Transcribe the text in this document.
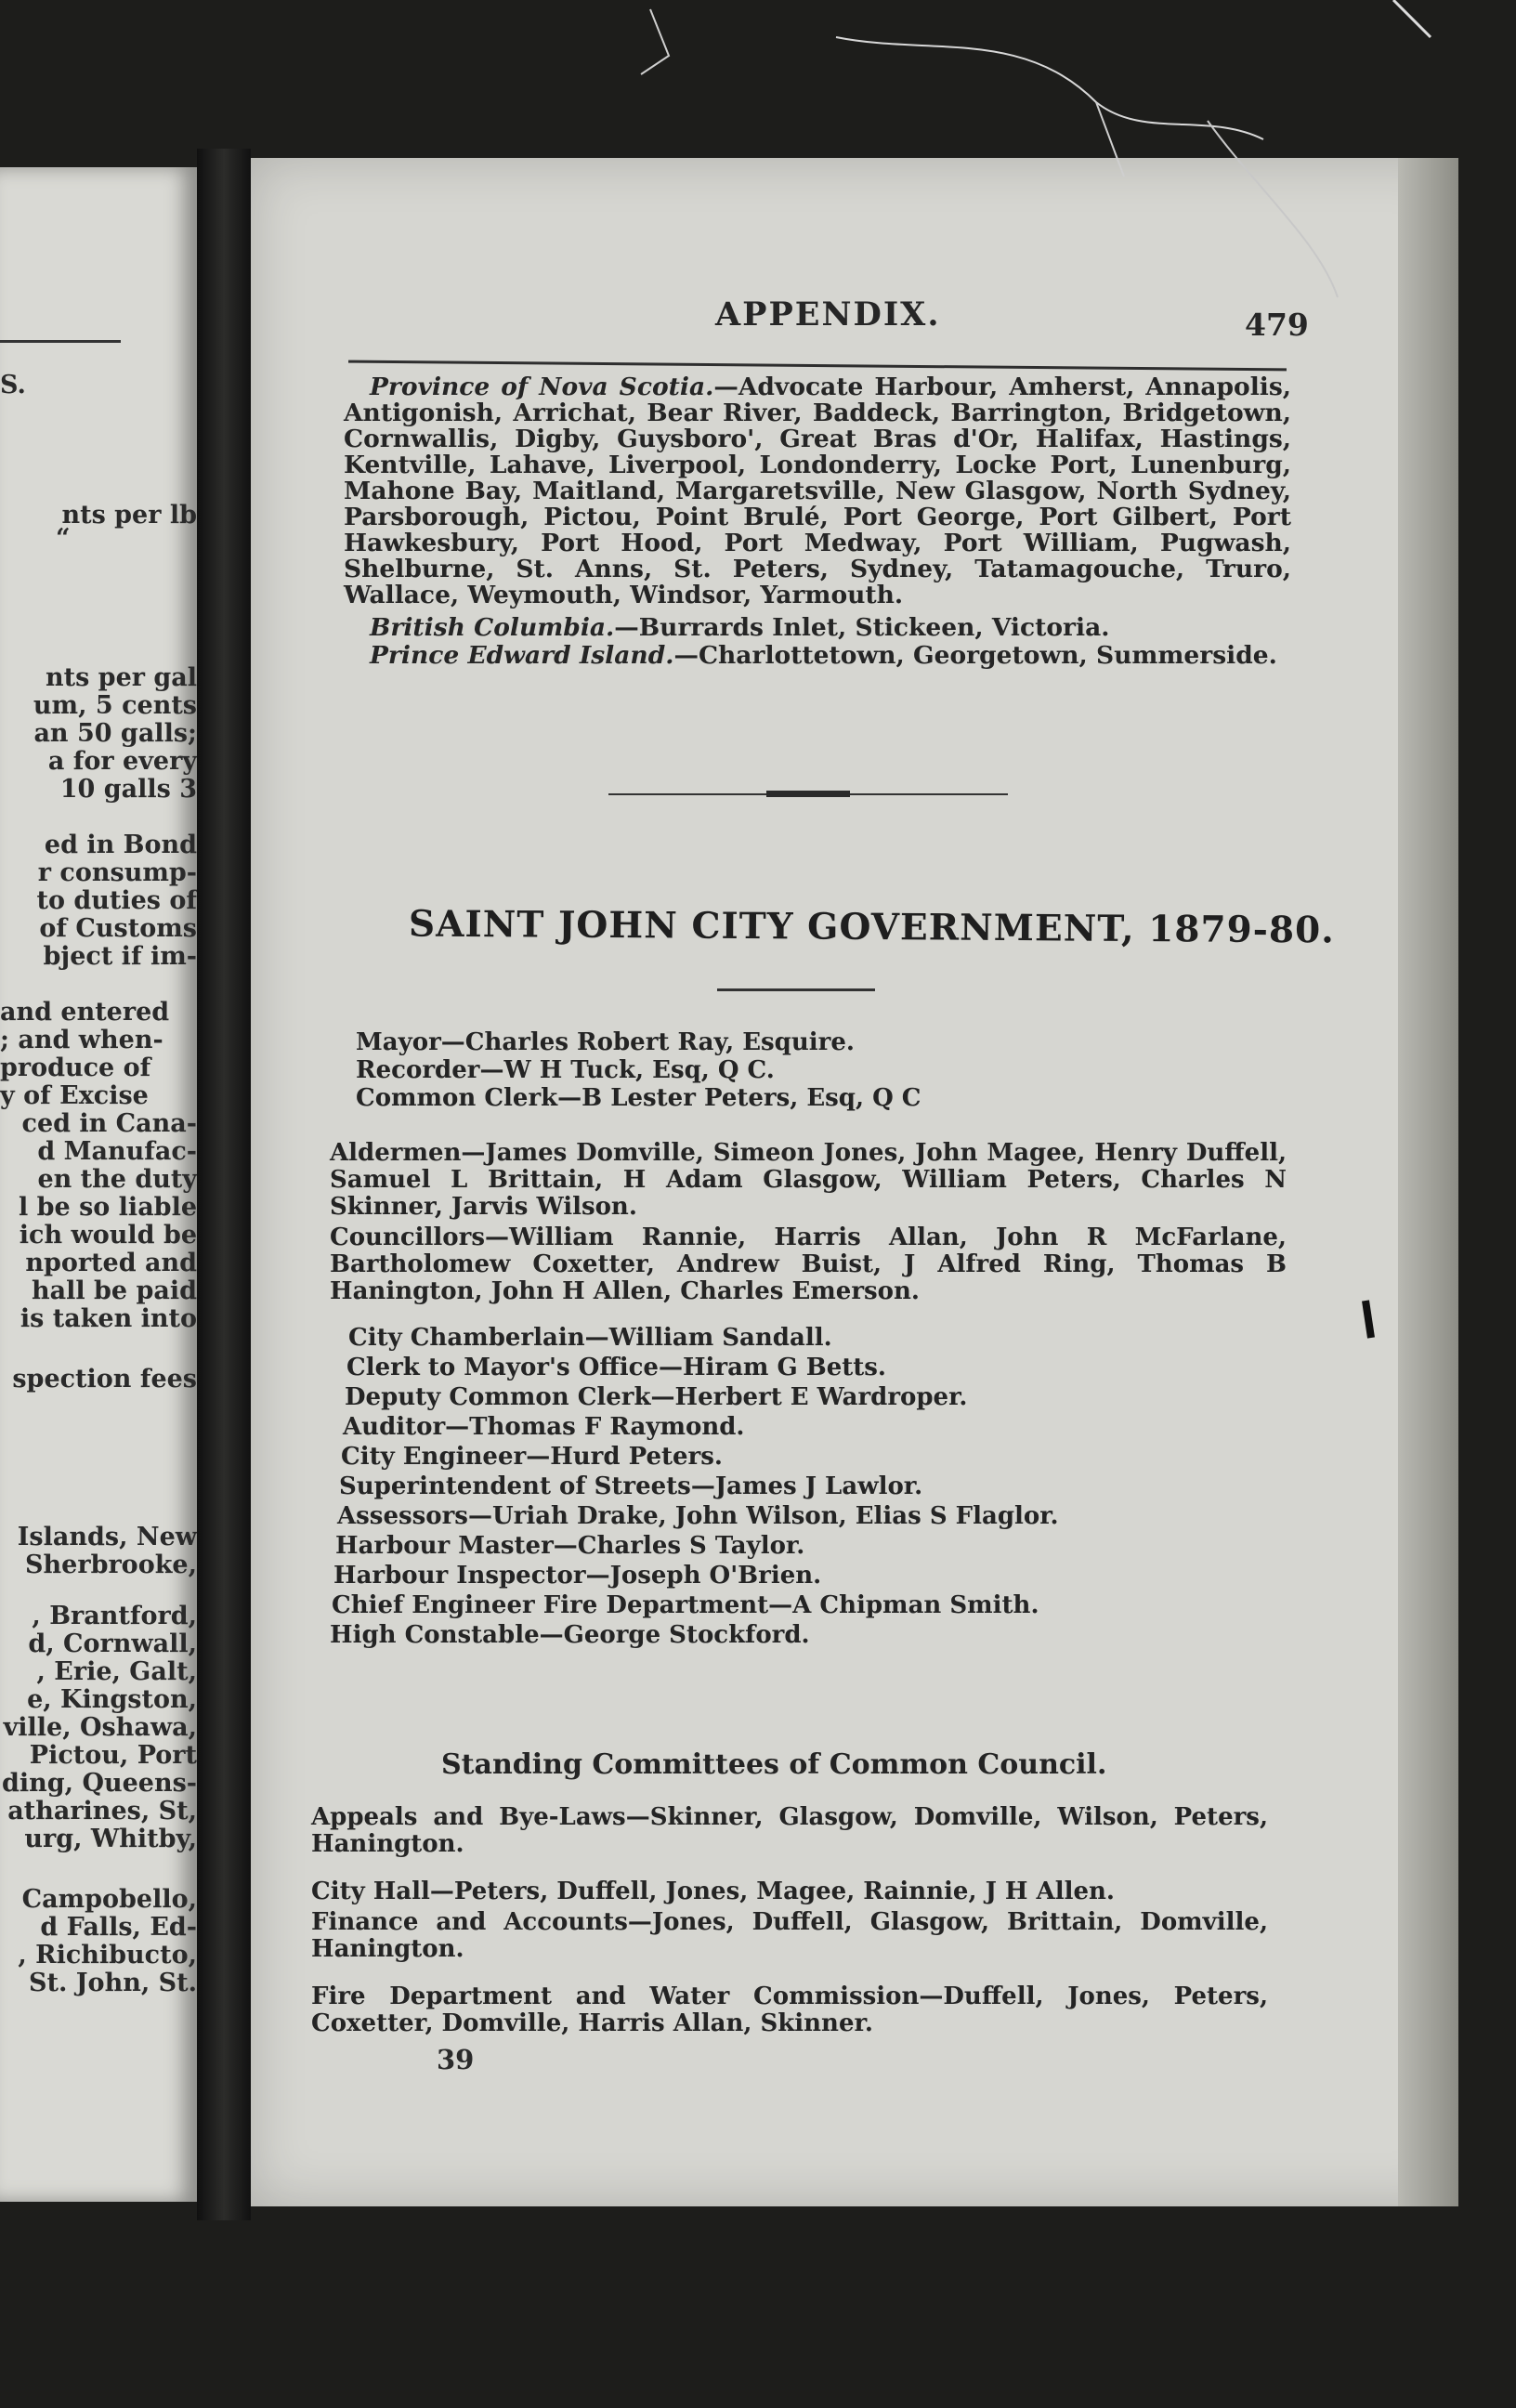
S.
nts per lb
“
nts per gal
um, 5 cents
an 50 galls;
a for every
10 galls 3
ed in Bond
r consump-
to duties of
of Customs
bject if im-
and entered
; and when-
produce of
y of Excise
ced in Cana-
d Manufac-
en the duty
l be so liable
ich would be
nported and
hall be paid
is taken into
spection fees
Islands, New
Sherbrooke,
, Brantford,
d, Cornwall,
, Erie, Galt,
e, Kingston,
ville, Oshawa,
Pictou, Port
ding, Queens-
atharines, St,
urg, Whitby,
Campobello,
d Falls, Ed-
, Richibucto,
St. John, St.
APPENDIX.	479
Province of Nova Scotia.—Advocate Harbour, Amherst, Annapolis, Antigonish, Arrichat, Bear River, Baddeck, Barrington, Bridgetown, Cornwallis, Digby, Guysboro', Great Bras d'Or, Halifax, Hastings, Kentville, Lahave, Liverpool, Londonderry, Locke Port, Lunenburg, Mahone Bay, Maitland, Margaretsville, New Glasgow, North Sydney, Parsborough, Pictou, Point Brulé, Port George, Port Gilbert, Port Hawkesbury, Port Hood, Port Medway, Port William, Pugwash, Shelburne, St. Anns, St. Peters, Sydney, Tatamagouche, Truro, Wallace, Weymouth, Windsor, Yarmouth.
British Columbia.—Burrards Inlet, Stickeen, Victoria.
Prince Edward Island.—Charlottetown, Georgetown, Summerside.
SAINT JOHN CITY GOVERNMENT, 1879-80.
Mayor—Charles Robert Ray, Esquire.
Recorder—W H Tuck, Esq, Q C.
Common Clerk—B Lester Peters, Esq, Q C
Aldermen—James Domville, Simeon Jones, John Magee, Henry Duffell, Samuel L Brittain, H Adam Glasgow, William Peters, Charles N Skinner, Jarvis Wilson.
Councillors—William Rannie, Harris Allan, John R McFarlane, Bartholomew Coxetter, Andrew Buist, J Alfred Ring, Thomas B Hanington, John H Allen, Charles Emerson.
City Chamberlain—William Sandall.
Clerk to Mayor's Office—Hiram G Betts.
Deputy Common Clerk—Herbert E Wardroper.
Auditor—Thomas F Raymond.
City Engineer—Hurd Peters.
Superintendent of Streets—James J Lawlor.
Assessors—Uriah Drake, John Wilson, Elias S Flaglor.
Harbour Master—Charles S Taylor.
Harbour Inspector—Joseph O'Brien.
Chief Engineer Fire Department—A Chipman Smith.
High Constable—George Stockford.
Standing Committees of Common Council.
Appeals and Bye-Laws—Skinner, Glasgow, Domville, Wilson, Peters, Hanington.
City Hall—Peters, Duffell, Jones, Magee, Rainnie, J H Allen.
Finance and Accounts—Jones, Duffell, Glasgow, Brittain, Domville, Hanington.
Fire Department and Water Commission—Duffell, Jones, Peters, Coxetter, Domville, Harris Allan, Skinner.
39
